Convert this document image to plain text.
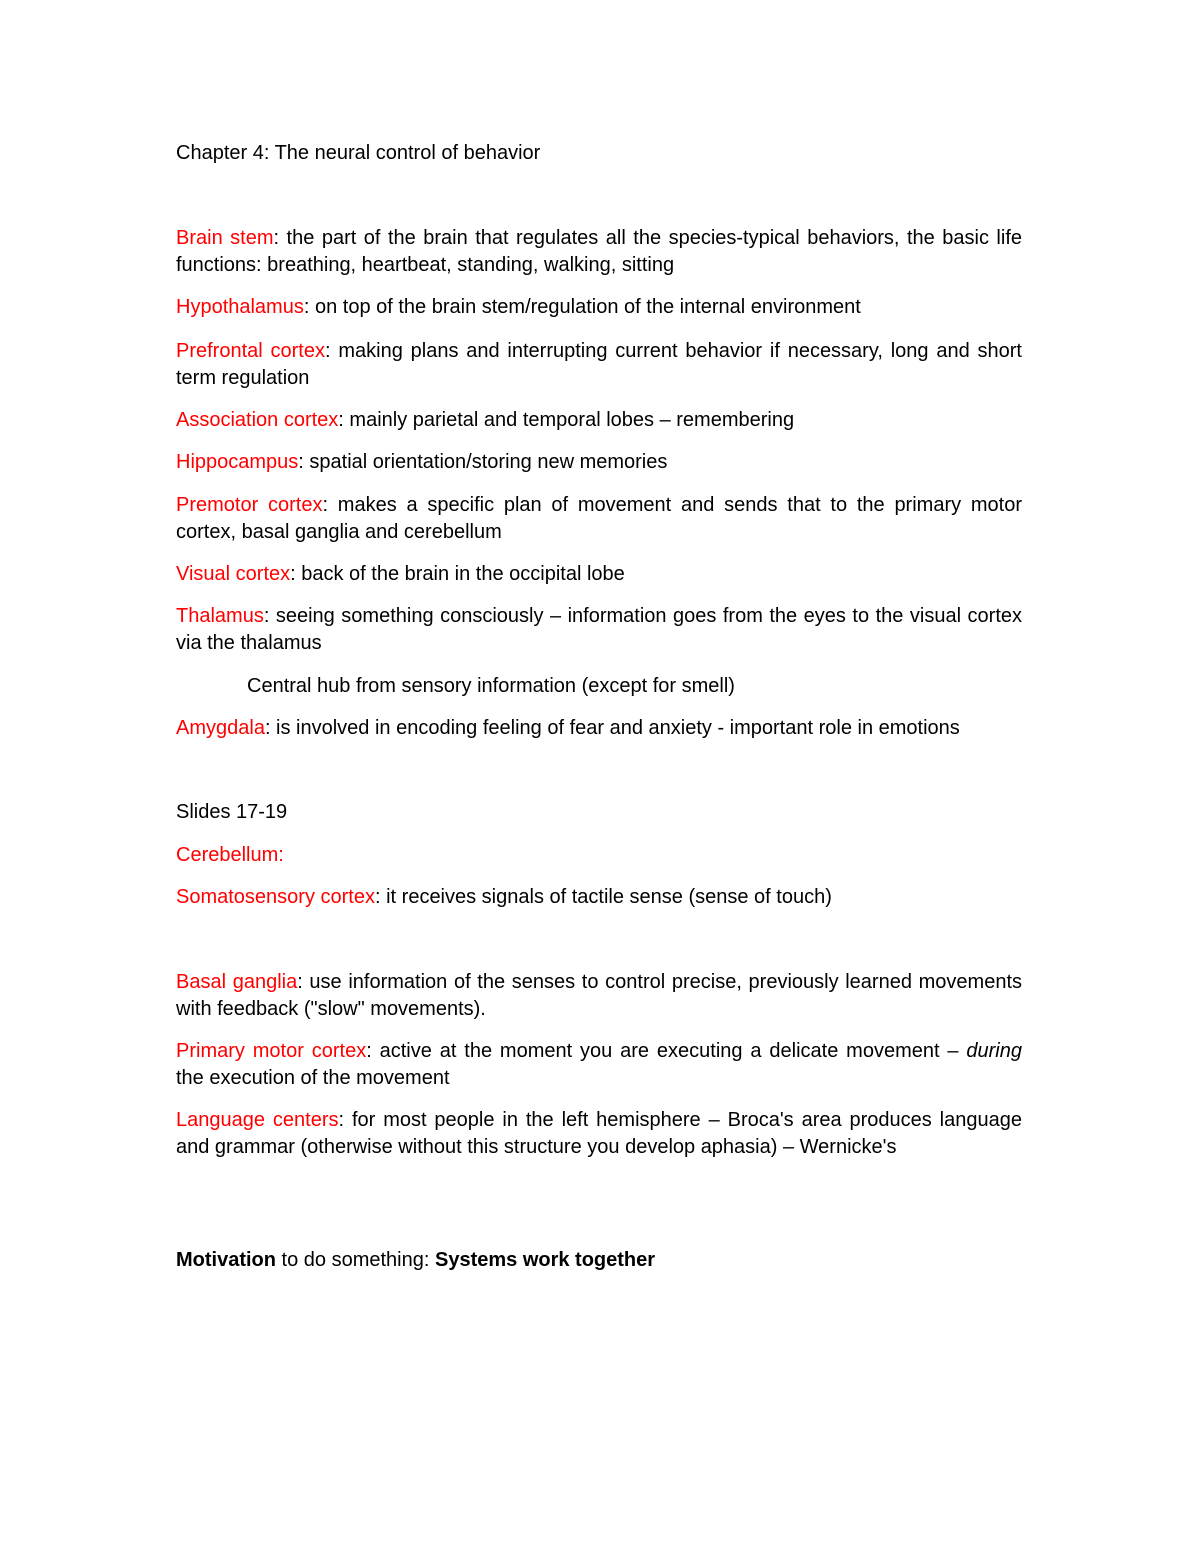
Chapter 4: The neural control of behavior
Brain stem: the part of the brain that regulates all the species-typical behaviors, the basic life functions: breathing, heartbeat, standing, walking, sitting
Hypothalamus: on top of the brain stem/regulation of the internal environment
Prefrontal cortex: making plans and interrupting current behavior if necessary, long and short term regulation
Association cortex: mainly parietal and temporal lobes – remembering
Hippocampus: spatial orientation/storing new memories
Premotor cortex: makes a specific plan of movement and sends that to the primary motor cortex, basal ganglia and cerebellum
Visual cortex: back of the brain in the occipital lobe
Thalamus: seeing something consciously – information goes from the eyes to the visual cortex via the thalamus
Central hub from sensory information (except for smell)
Amygdala: is involved in encoding feeling of fear and anxiety - important role in emotions
Slides 17-19
Cerebellum:
Somatosensory cortex: it receives signals of tactile sense (sense of touch)
Basal ganglia: use information of the senses to control precise, previously learned movements with feedback ("slow" movements).
Primary motor cortex: active at the moment you are executing a delicate movement – during the execution of the movement
Language centers: for most people in the left hemisphere – Broca's area produces language and grammar (otherwise without this structure you develop aphasia) – Wernicke's
Motivation to do something: Systems work together
